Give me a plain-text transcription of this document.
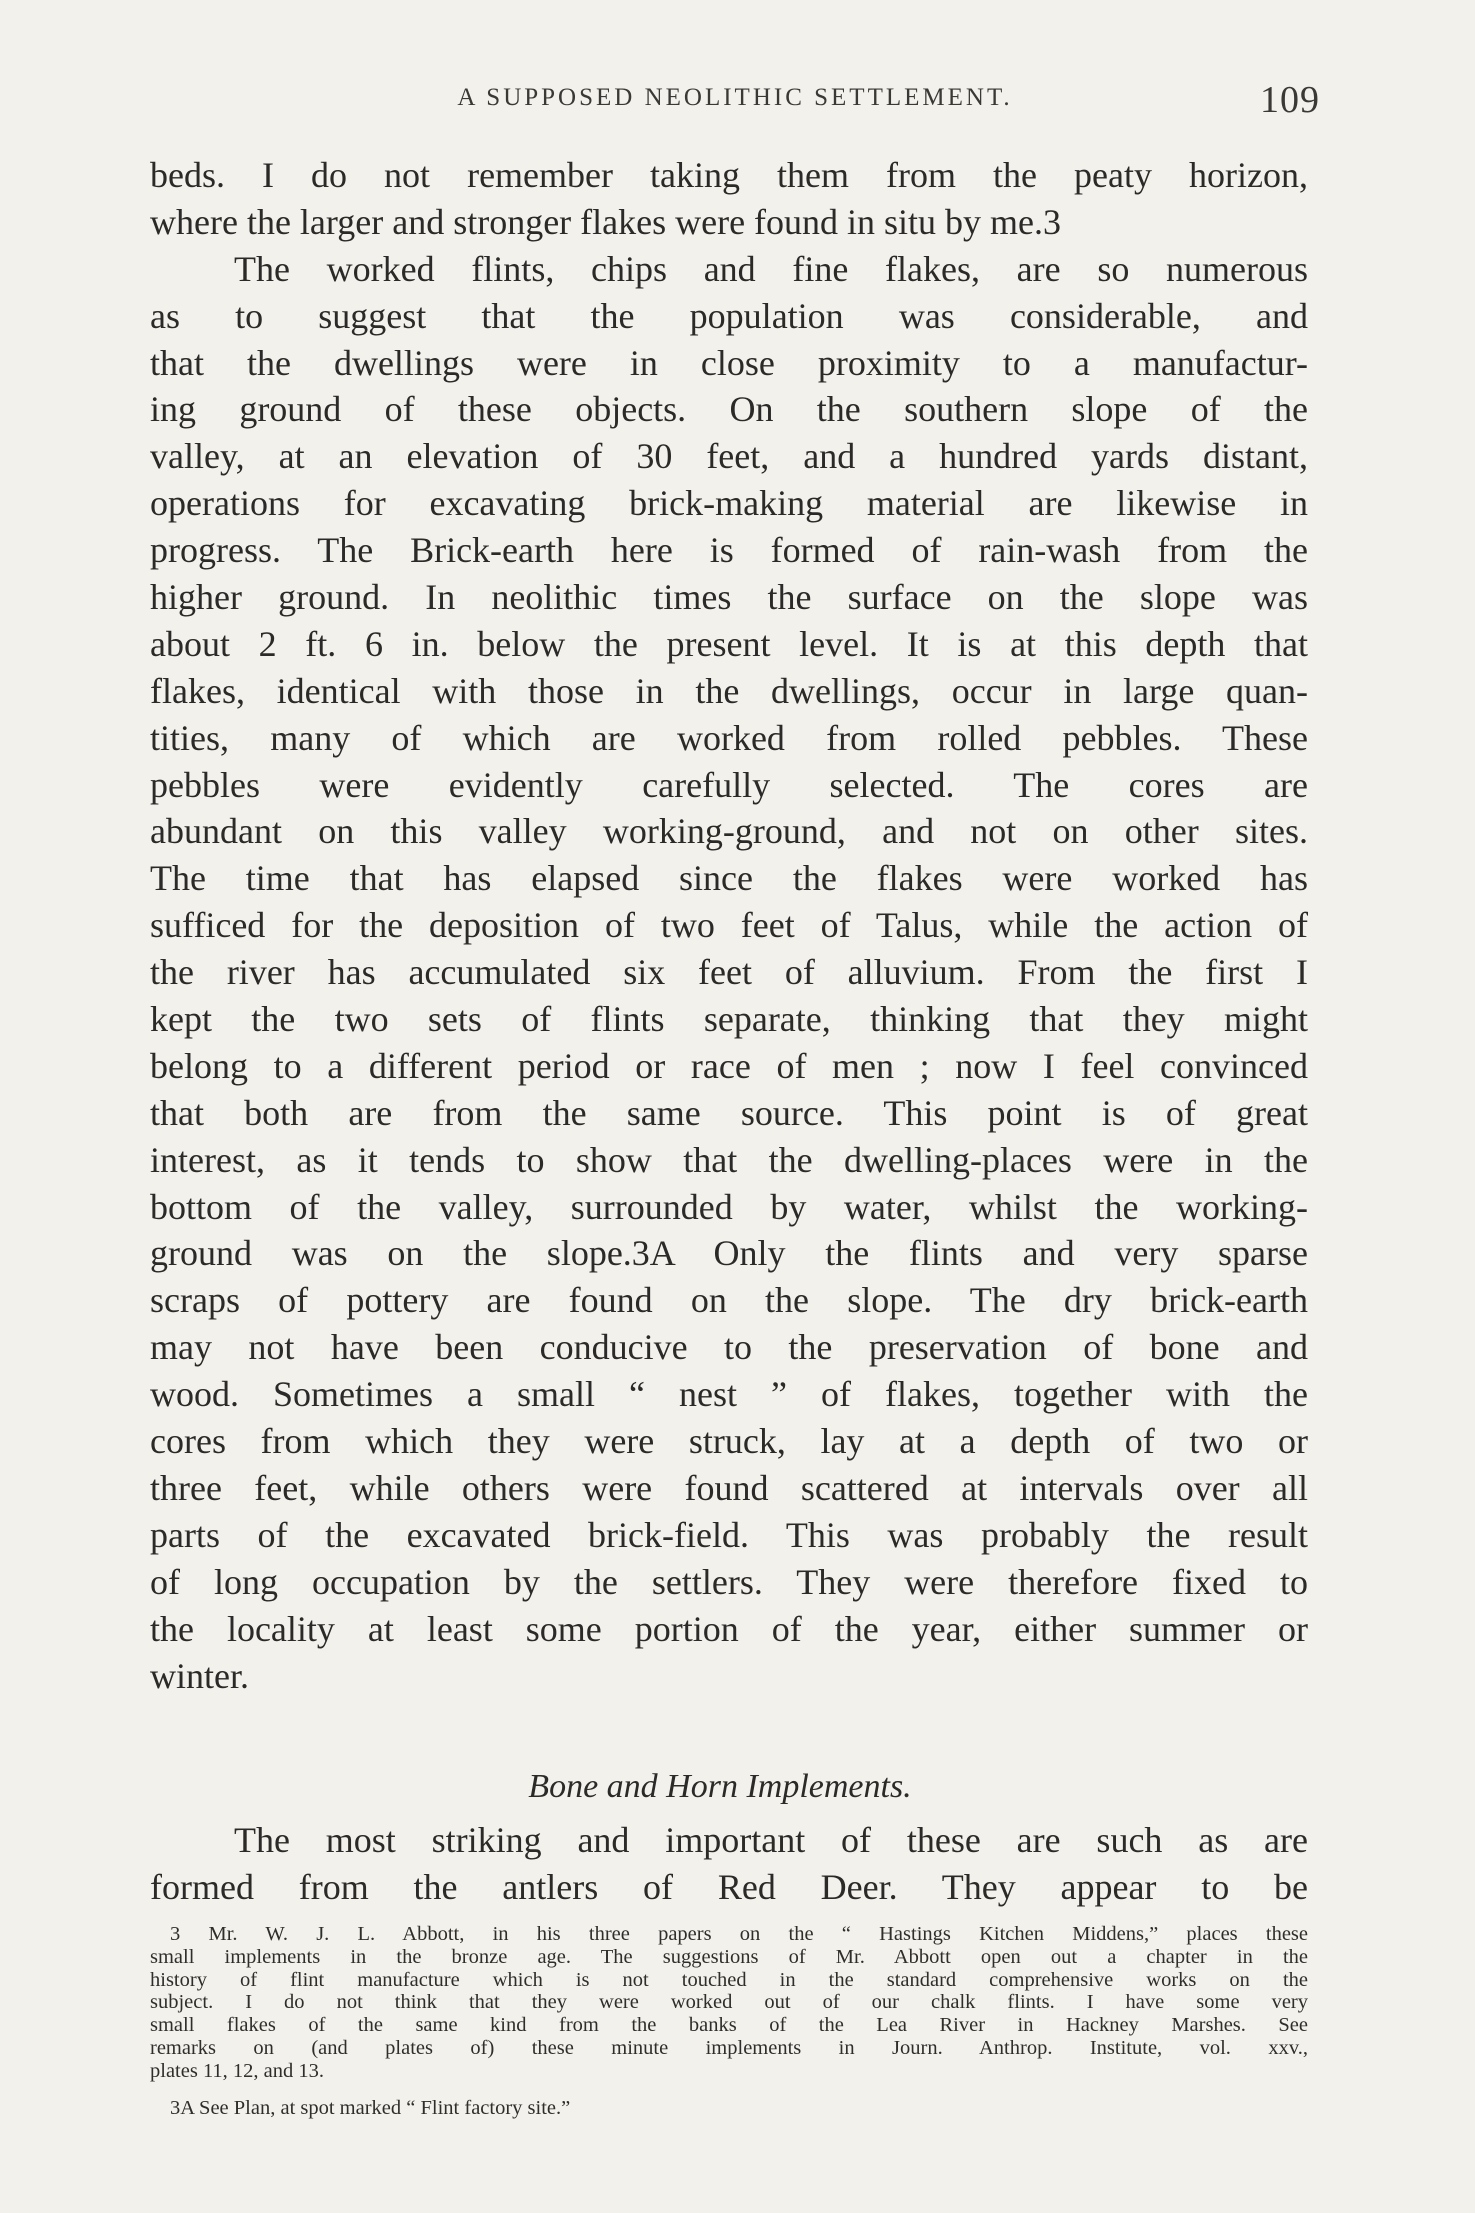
A SUPPOSED NEOLITHIC SETTLEMENT.	109
beds. I do not remember taking them from the peaty horizon,
where the larger and stronger flakes were found in situ by me.3
The worked flints, chips and fine flakes, are so numerous
as to suggest that the population was considerable, and
that the dwellings were in close proximity to a manufactur-
ing ground of these objects. On the southern slope of the
valley, at an elevation of 30 feet, and a hundred yards distant,
operations for excavating brick-making material are likewise in
progress. The Brick-earth here is formed of rain-wash from the
higher ground. In neolithic times the surface on the slope was
about 2 ft. 6 in. below the present level. It is at this depth that
flakes, identical with those in the dwellings, occur in large quan-
tities, many of which are worked from rolled pebbles. These
pebbles were evidently carefully selected. The cores are
abundant on this valley working-ground, and not on other sites.
The time that has elapsed since the flakes were worked has
sufficed for the deposition of two feet of Talus, while the action of
the river has accumulated six feet of alluvium. From the first I
kept the two sets of flints separate, thinking that they might
belong to a different period or race of men ; now I feel convinced
that both are from the same source. This point is of great
interest, as it tends to show that the dwelling-places were in the
bottom of the valley, surrounded by water, whilst the working-
ground was on the slope.3A Only the flints and very sparse
scraps of pottery are found on the slope. The dry brick-earth
may not have been conducive to the preservation of bone and
wood. Sometimes a small “ nest ” of flakes, together with the
cores from which they were struck, lay at a depth of two or
three feet, while others were found scattered at intervals over all
parts of the excavated brick-field. This was probably the result
of long occupation by the settlers. They were therefore fixed to
the locality at least some portion of the year, either summer or
winter.
Bone and Horn Implements.
The most striking and important of these are such as are
formed from the antlers of Red Deer. They appear to be
3 Mr. W. J. L. Abbott, in his three papers on the “ Hastings Kitchen Middens,” places these
small implements in the bronze age. The suggestions of Mr. Abbott open out a chapter in the
history of flint manufacture which is not touched in the standard comprehensive works on the
subject. I do not think that they were worked out of our chalk flints. I have some very
small flakes of the same kind from the banks of the Lea River in Hackney Marshes. See
remarks on (and plates of) these minute implements in Journ. Anthrop. Institute, vol. xxv.,
plates 11, 12, and 13.
3A See Plan, at spot marked “ Flint factory site.”
